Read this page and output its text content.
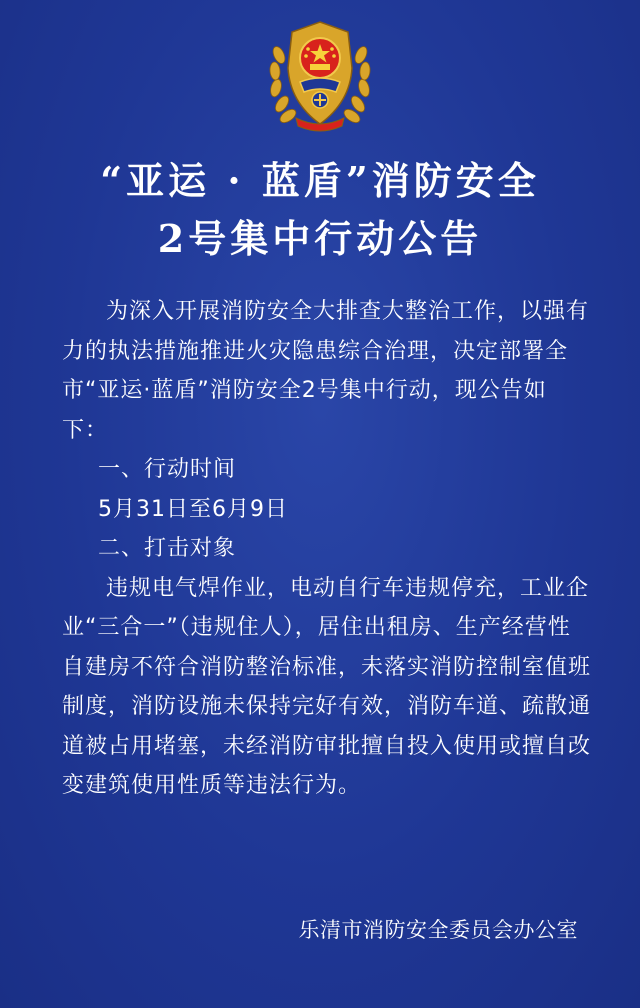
“亚运 · 蓝盾”消防安全
2号集中行动公告

为深入开展消防安全大排查大整治工作，以强有力的执法措施推进火灾隐患综合治理，决定部署全市“亚运·蓝盾”消防安全2号集中行动，现公告如下：

一、行动时间

5月31日至6月9日

二、打击对象

违规电气焊作业，电动自行车违规停充，工业企业“三合一”（违规住人），居住出租房、生产经营性自建房不符合消防整治标准，未落实消防控制室值班制度，消防设施未保持完好有效，消防车道、疏散通道被占用堵塞，未经消防审批擅自投入使用或擅自改变建筑使用性质等违法行为。

乐清市消防安全委员会办公室
